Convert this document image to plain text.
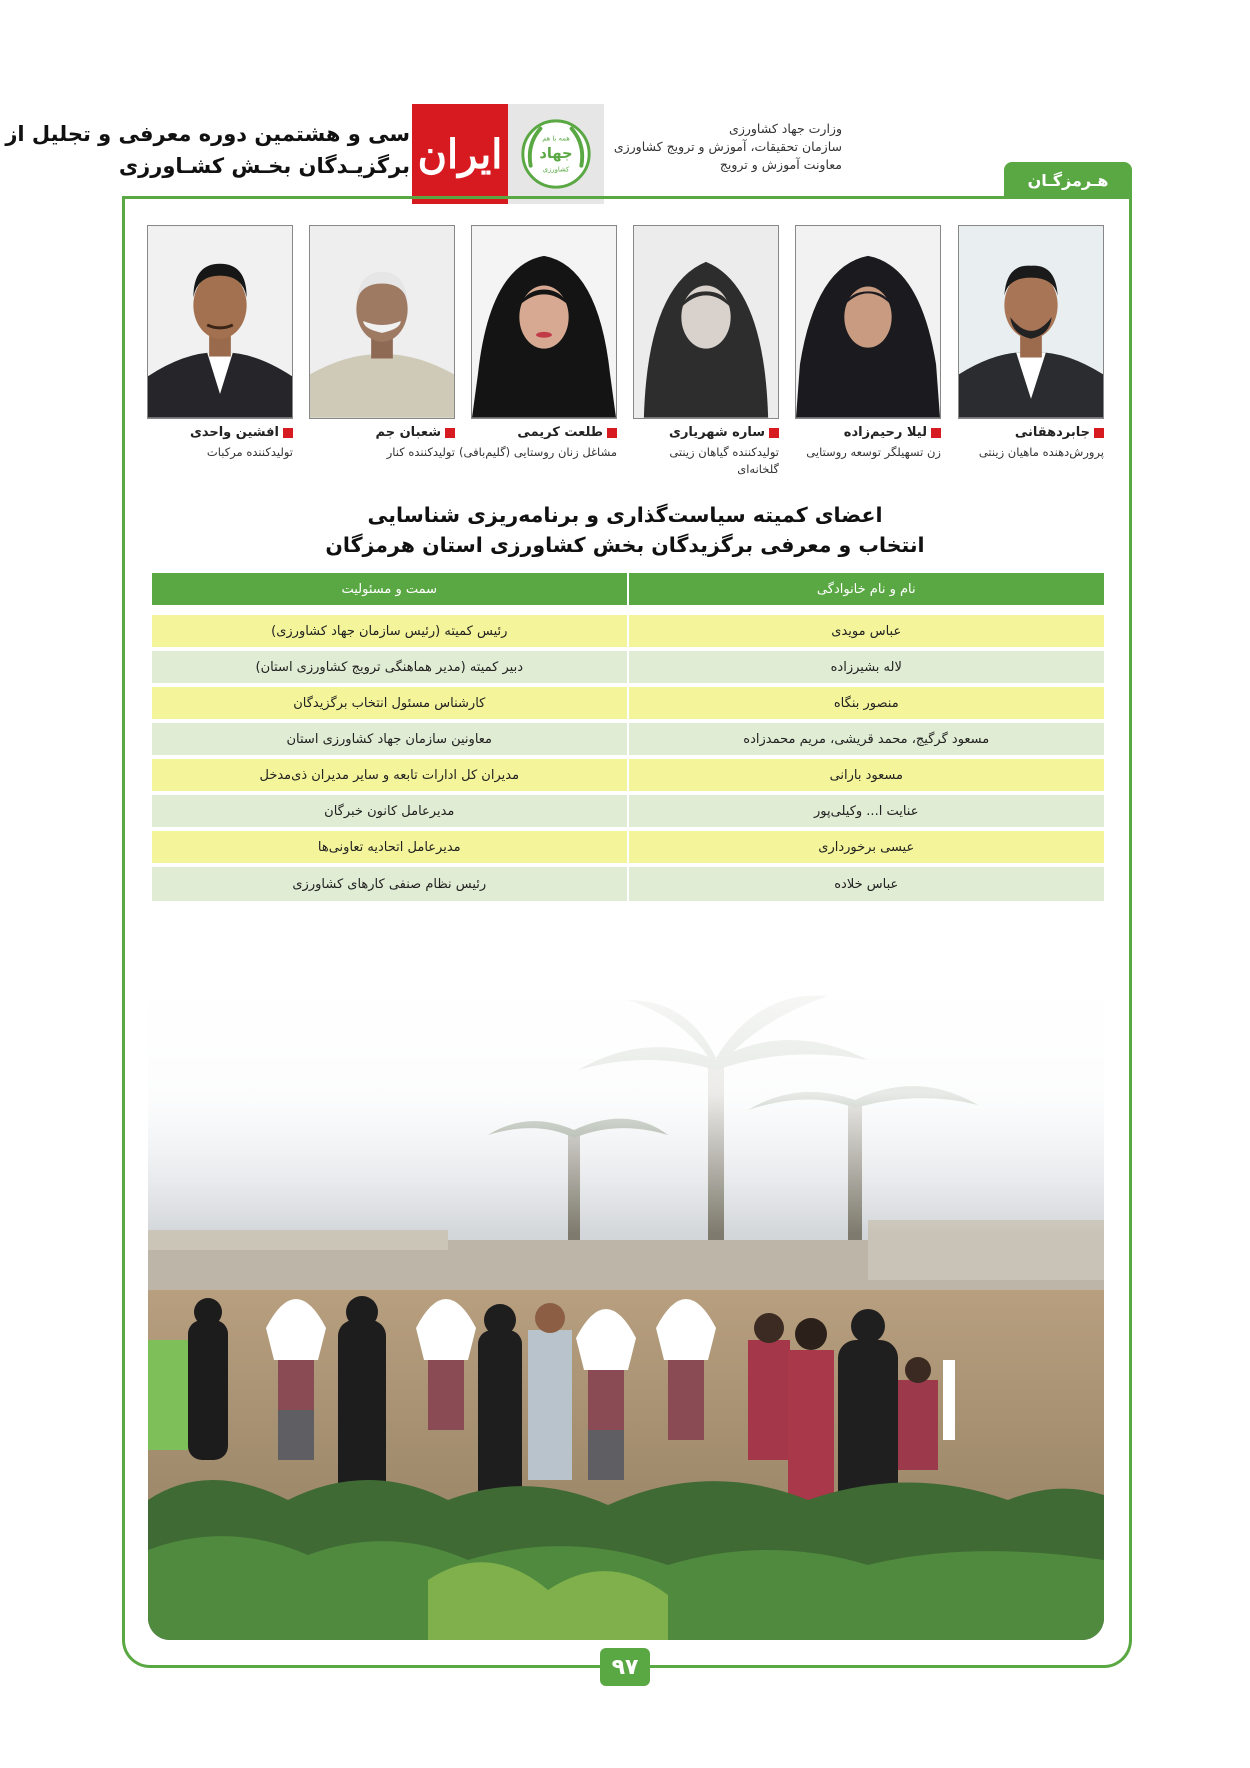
سی و هشتمین دوره معرفی و تجلیل از
برگزیـدگان بخـش کشـاورزی ایران	همه با هم
جهاد
کشاورزی
وزارت جهاد کشاورزی
سازمان تحقیقات، آموزش و ترویج کشاورزی
معاونت آموزش و ترویج
هـرمزگـان
جابردهقانی
پرورش‌دهنده ماهیان زینتی
لیلا رحیم‌زاده
زن تسهیلگر توسعه روستایی
ساره شهریاری
تولیدکننده گیاهان زینتی
گلخانه‌ای
طلعت کریمی
مشاغل زنان روستایی (گلیم‌بافی)
شعبان جم
تولیدکننده کنار
افشین واحدی
تولیدکننده مرکبات
اعضای کمیته سیاست‌گذاری و برنامه‌ریزی شناسایی
انتخاب و معرفی برگزیدگان بخش کشاورزی استان هرمزگان
نام و نام خانوادگی	سمت و مسئولیت

عباس مویدی	رئیس کمیته (رئیس سازمان جهاد کشاورزی)
لاله بشیرزاده	دبیر کمیته (مدیر هماهنگی ترویج کشاورزی استان)
منصور بنگاه	کارشناس مسئول انتخاب برگزیدگان
مسعود گرگیج، محمد قریشی، مریم محمدزاده	معاونین سازمان جهاد کشاورزی استان
مسعود بارانی	مدیران کل ادارات تابعه و سایر مدیران ذی‌مدخل
عنایت ا... وکیلی‌پور	مدیرعامل کانون خبرگان
عیسی برخورداری	مدیرعامل اتحادیه تعاونی‌ها
عباس خلاده	رئیس نظام صنفی کارهای کشاورزی
۹۷
